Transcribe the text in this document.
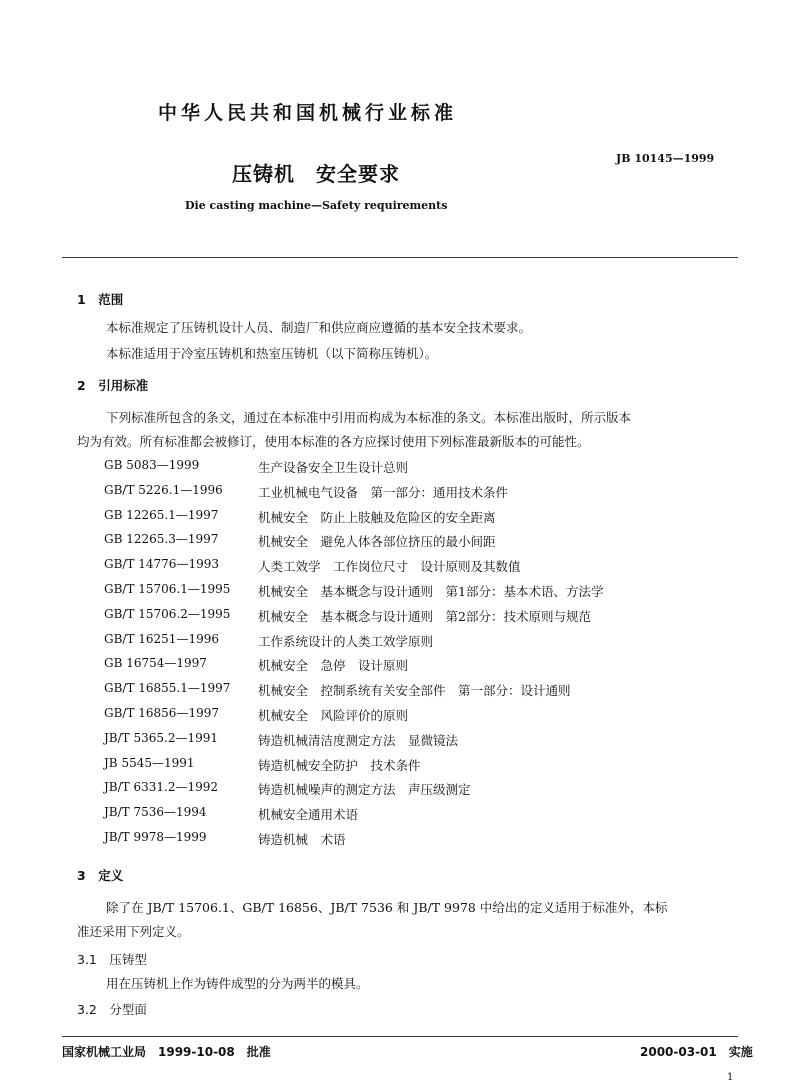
中华人民共和国机械行业标准
压铸机　安全要求
JB 10145—1999
Die casting machine—Safety requirements
1　范围
本标准规定了压铸机设计人员、制造厂和供应商应遵循的基本安全技术要求。
本标准适用于冷室压铸机和热室压铸机（以下简称压铸机）。
2　引用标准
下列标准所包含的条文，通过在本标准中引用而构成为本标准的条文。本标准出版时，所示版本
均为有效。所有标准都会被修订，使用本标准的各方应探讨使用下列标准最新版本的可能性。
GB 5083—1999	生产设备安全卫生设计总则
GB/T 5226.1—1996	工业机械电气设备　第一部分：通用技术条件
GB 12265.1—1997	机械安全　防止上肢触及危险区的安全距离
GB 12265.3—1997	机械安全　避免人体各部位挤压的最小间距
GB/T 14776—1993	人类工效学　工作岗位尺寸　设计原则及其数值
GB/T 15706.1—1995	机械安全　基本概念与设计通则　第1部分：基本术语、方法学
GB/T 15706.2—1995	机械安全　基本概念与设计通则　第2部分：技术原则与规范
GB/T 16251—1996	工作系统设计的人类工效学原则
GB 16754—1997	机械安全　急停　设计原则
GB/T 16855.1—1997	机械安全　控制系统有关安全部件　第一部分：设计通则
GB/T 16856—1997	机械安全　风险评价的原则
JB/T 5365.2—1991	铸造机械清洁度测定方法　显微镜法
JB 5545—1991	铸造机械安全防护　技术条件
JB/T 6331.2—1992	铸造机械噪声的测定方法　声压级测定
JB/T 7536—1994	机械安全通用术语
JB/T 9978—1999	铸造机械　术语
3　定义
除了在 JB/T 15706.1、GB/T 16856、JB/T 7536 和 JB/T 9978 中给出的定义适用于标准外，本标
准还采用下列定义。
3.1　压铸型
用在压铸机上作为铸件成型的分为两半的模具。
3.2　分型面
国家机械工业局　1999-10-08　批准	2000-03-01　实施
1
